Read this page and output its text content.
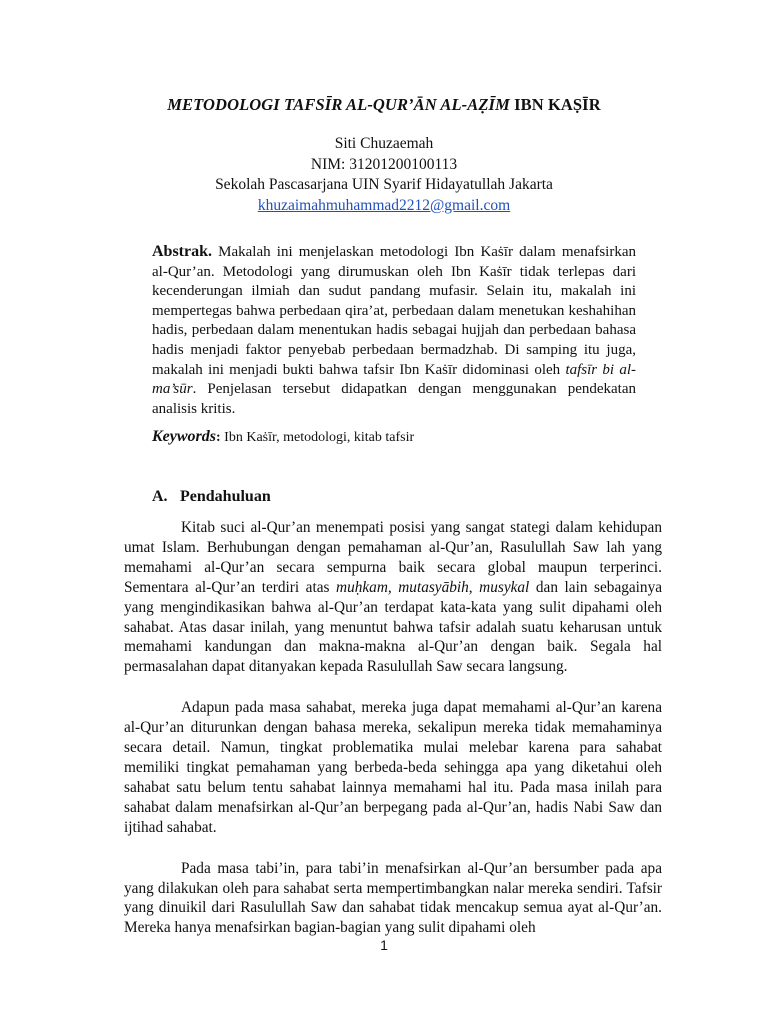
METODOLOGI TAFSĪR AL-QUR’ĀN AL-AẒĪM IBN KAṢĪR
Siti Chuzaemah
NIM: 31201200100113
Sekolah Pascasarjana UIN Syarif Hidayatullah Jakarta
khuzaimahmuhammad2212@gmail.com
Abstrak. Makalah ini menjelaskan metodologi Ibn Kaṡīr dalam menafsirkan al-Qur’an. Metodologi yang dirumuskan oleh Ibn Kaṡīr tidak terlepas dari kecenderungan ilmiah dan sudut pandang mufasir. Selain itu, makalah ini mempertegas bahwa perbedaan qira’at, perbedaan dalam menetukan keshahihan hadis, perbedaan dalam menentukan hadis sebagai hujjah dan perbedaan bahasa hadis menjadi faktor penyebab perbedaan bermadzhab. Di samping itu juga, makalah ini menjadi bukti bahwa tafsir Ibn Kaṡīr didominasi oleh tafsīr bi al-ma’sūr. Penjelasan tersebut didapatkan dengan menggunakan pendekatan analisis kritis.
Keywords: Ibn Kaṡīr, metodologi, kitab tafsir
A. Pendahuluan

Kitab suci al-Qur’an menempati posisi yang sangat stategi dalam kehidupan umat Islam. Berhubungan dengan pemahaman al-Qur’an, Rasulullah Saw lah yang memahami al-Qur’an secara sempurna baik secara global maupun terperinci. Sementara al-Qur’an terdiri atas muḥkam, mutasyābih, musykal dan lain sebagainya yang mengindikasikan bahwa al-Qur’an terdapat kata-kata yang sulit dipahami oleh sahabat. Atas dasar inilah, yang menuntut bahwa tafsir adalah suatu keharusan untuk memahami kandungan dan makna-makna al-Qur’an dengan baik. Segala hal permasalahan dapat ditanyakan kepada Rasulullah Saw secara langsung.

Adapun pada masa sahabat, mereka juga dapat memahami al-Qur’an karena al-Qur’an diturunkan dengan bahasa mereka, sekalipun mereka tidak memahaminya secara detail. Namun, tingkat problematika mulai melebar karena para sahabat memiliki tingkat pemahaman yang berbeda-beda sehingga apa yang diketahui oleh sahabat satu belum tentu sahabat lainnya memahami hal itu. Pada masa inilah para sahabat dalam menafsirkan al-Qur’an berpegang pada al-Qur’an, hadis Nabi Saw dan ijtihad sahabat.

Pada masa tabi’in, para tabi’in menafsirkan al-Qur’an bersumber pada apa yang dilakukan oleh para sahabat serta mempertimbangkan nalar mereka sendiri. Tafsir yang dinuikil dari Rasulullah Saw dan sahabat tidak mencakup semua ayat al-Qur’an. Mereka hanya menafsirkan bagian-bagian yang sulit dipahami oleh

1
